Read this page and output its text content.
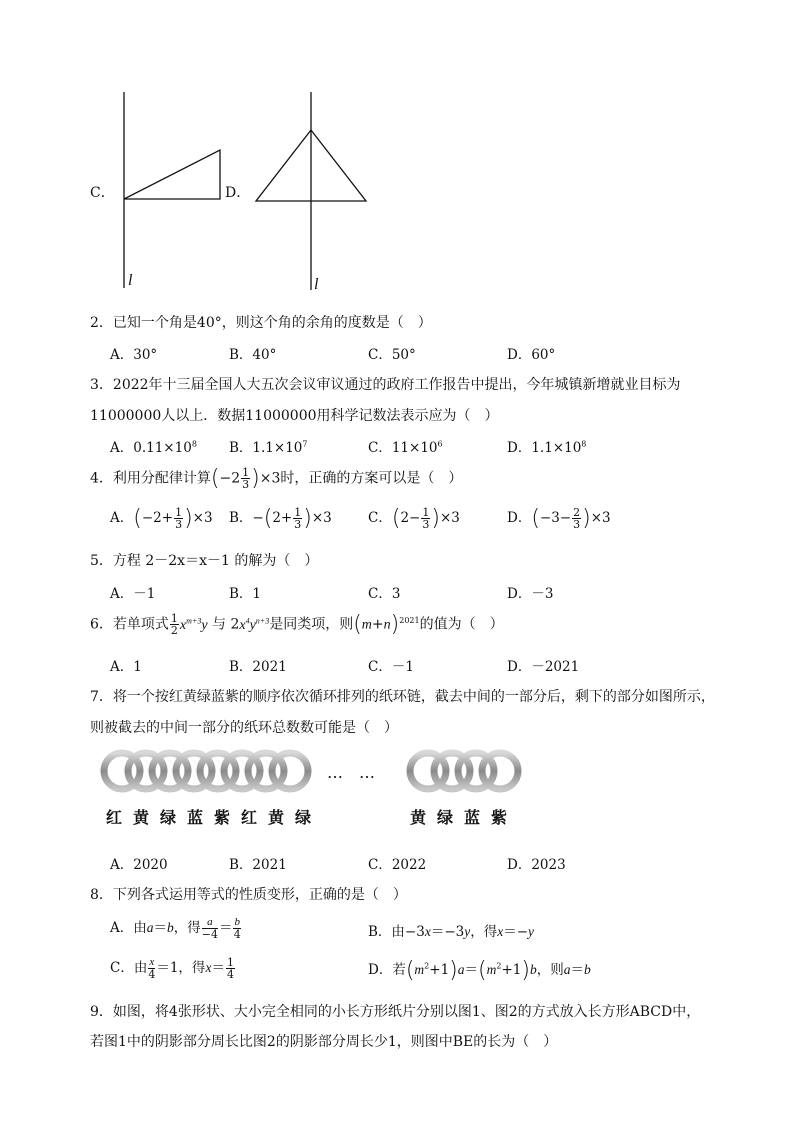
C．	D．
l	l
2．已知一个角是40°，则这个角的余角的度数是（　）
A．30°	B．40°	C．50°	D．60°
3．2022年十三届全国人大五次会议审议通过的政府工作报告中提出，今年城镇新增就业目标为
11000000人以上．数据11000000用科学记数法表示应为（　）
A．$0.11\times 10^8$ B．$1.1\times 10^7$	C．$11\times 10^6$	D．$1.1\times 10^8$
4．利用分配律计算$(-2 \frac{1}{3} )\times 3$时，正确的方案可以是（　）
A．$(-2+ \frac{1}{3} )\times 3$ B．$-(2+ \frac{1}{3} )\times 3$	C．$(2- \frac{1}{3} )\times 3$	D．$(-3- \frac{2}{3} )\times 3$
5．方程 2－2x＝x－1 的解为（　）
A．－1	B．1	C．3	D．－3
6．若单项式 $\frac{1}{2} x^{m+3}y$ 与 $2x^4y^{n+3}$是同类项，则$(m+n)^{2021}$的值为（　）
A．1	B．2021	C．－1	D．－2021
7．将一个按红黄绿蓝紫的顺序依次循环排列的纸环链，截去中间的一部分后，剩下的部分如图所示，
则被截去的中间一部分的纸环总数数可能是（　）
…　…
红黄绿蓝紫红黄绿	黄绿蓝紫
A．2020	B．2021	C．2022	D．2023
8．下列各式运用等式的性质变形，正确的是（　）
A．由a＝b，得 $\frac{a}{-4} = \frac{b}{4}$	B．由−3x＝−3y，得x＝−y
C．由 $\frac{x}{4} =1$，得$x= \frac{1}{4}$	D．若$(m^2+1)a=(m^2+1)b$，则a＝b
9．如图，将4张形状、大小完全相同的小长方形纸片分别以图1、图2的方式放入长方形ABCD中，
若图1中的阴影部分周长比图2的阴影部分周长少1，则图中BE的长为（　）
